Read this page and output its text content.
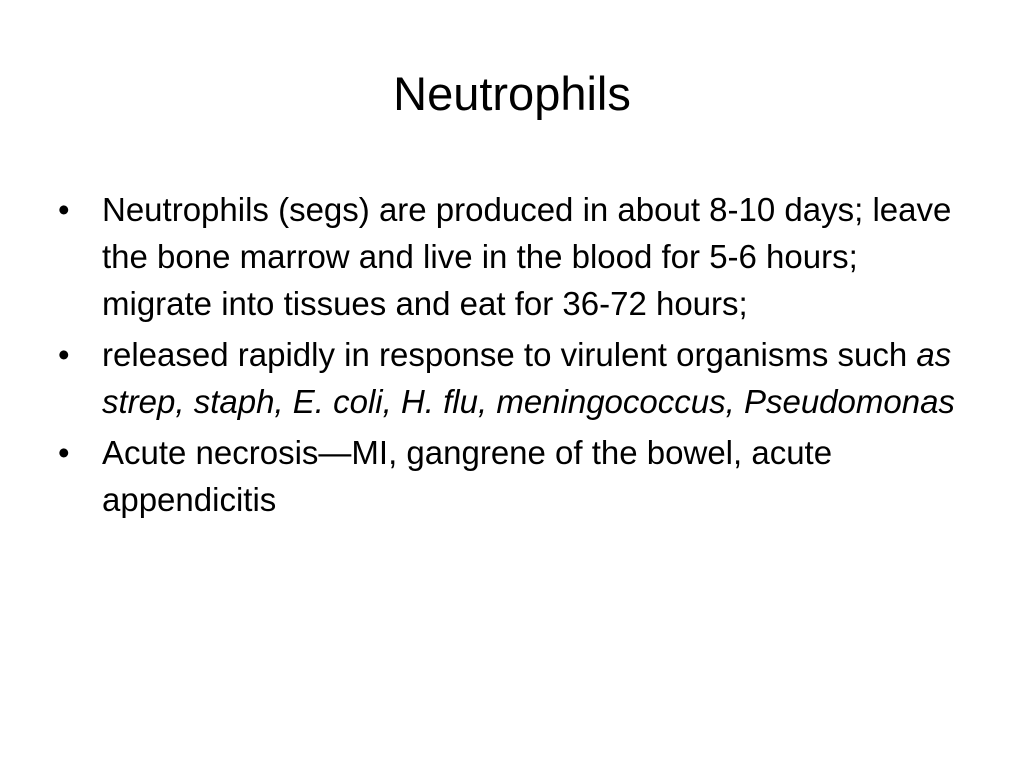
Neutrophils
• Neutrophils (segs) are produced in about 8-10 days; leave the bone marrow and live in the blood for 5-6 hours; migrate into tissues and eat for 36-72 hours;
• released rapidly in response to virulent organisms such as strep, staph, E. coli, H. flu, meningococcus, Pseudomonas
• Acute necrosis—MI, gangrene of the bowel, acute appendicitis
